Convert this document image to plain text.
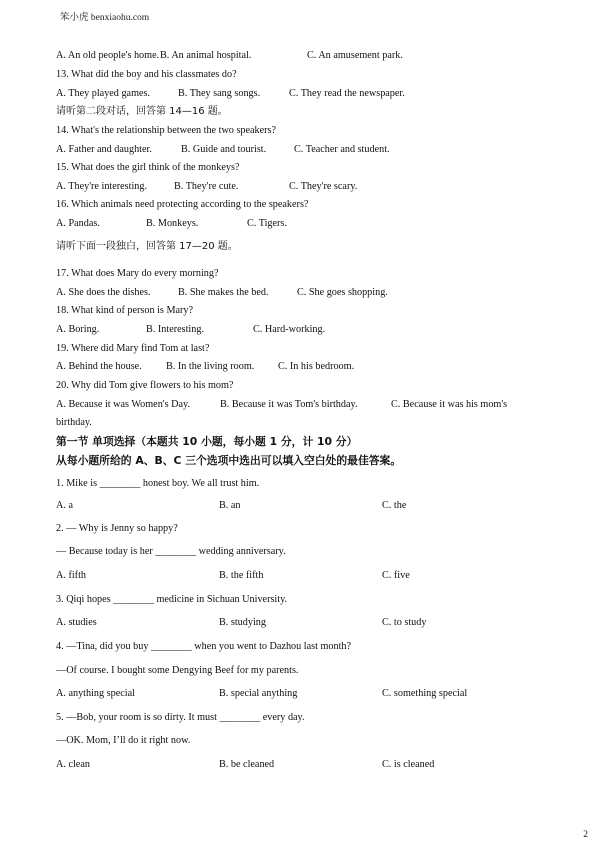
笨小虎 benxiaohu.com
A. An old people's home. B. An animal hospital.	C. An amusement park.
13. What did the boy and his classmates do?
A. They played games.	B. They sang songs.	C. They read the newspaper.
请听第二段对话，回答第 14—16 题。
14. What's the relationship between the two speakers?
A. Father and daughter.	B. Guide and tourist.	C. Teacher and student.
15. What does the girl think of the monkeys?
A. They're interesting.	B. They're cute.	C. They're scary.
16. Which animals need protecting according to the speakers?
A. Pandas.	B. Monkeys.	C. Tigers.
请听下面一段独白，回答第 17—20 题。
17. What does Mary do every morning?
A. She does the dishes.	B. She makes the bed.	C. She goes shopping.
18. What kind of person is Mary?
A. Boring.	B. Interesting.	C. Hard-working.
19. Where did Mary find Tom at last?
A. Behind the house. B. In the living room. C. In his bedroom.
20. Why did Tom give flowers to his mom?
A. Because it was Women's Day.	B. Because it was Tom's birthday.	C. Because it was his mom's
birthday.
第一节 单项选择（本题共 10 小题，每小题 1 分，计 10 分）
从每小题所给的 A、B、C 三个选项中选出可以填入空白处的最佳答案。
1. Mike is ________ honest boy. We all trust him.
A. a	B. an	C. the
2. — Why is Jenny so happy?
— Because today is her ________ wedding anniversary.
A. fifth	B. the fifth	C. five
3. Qiqi hopes ________ medicine in Sichuan University.
A. studies	B. studying	C. to study
4. —Tina, did you buy ________ when you went to Dazhou last month?
—Of course. I bought some Dengying Beef for my parents.
A. anything special	B. special anything	C. something special
5. —Bob, your room is so dirty. It must ________ every day.
—OK. Mom, I’ll do it right now.
A. clean	B. be cleaned	C. is cleaned
2
